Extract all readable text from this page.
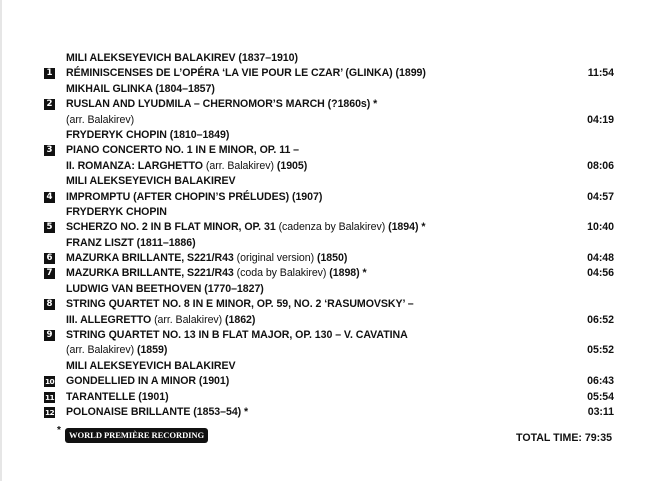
MILI ALEKSEYEVICH BALAKIREV (1837–1910)
1 RÉMINISCENSES DE L’OPÉRA ‘LA VIE POUR LE CZAR’ (GLINKA) (1899)	11:54
MIKHAIL GLINKA (1804–1857)
2 RUSLAN AND LYUDMILA – CHERNOMOR’S MARCH (?1860s) *
(arr. Balakirev)	04:19
FRYDERYK CHOPIN (1810–1849)
3 PIANO CONCERTO NO. 1 IN E MINOR, OP. 11 –
II. ROMANZA: LARGHETTO (arr. Balakirev) (1905)	08:06
MILI ALEKSEYEVICH BALAKIREV
4 IMPROMPTU (AFTER CHOPIN’S PRÉLUDES) (1907)	04:57
FRYDERYK CHOPIN
5 SCHERZO NO. 2 IN B FLAT MINOR, OP. 31 (cadenza by Balakirev) (1894) *	10:40
FRANZ LISZT (1811–1886)
6 MAZURKA BRILLANTE, S221/R43 (original version) (1850)	04:48
7 MAZURKA BRILLANTE, S221/R43 (coda by Balakirev) (1898) *	04:56
LUDWIG VAN BEETHOVEN (1770–1827)
8 STRING QUARTET NO. 8 IN E MINOR, OP. 59, NO. 2 ‘RASUMOVSKY’ –
III. ALLEGRETTO (arr. Balakirev) (1862)	06:52
9 STRING QUARTET NO. 13 IN B FLAT MAJOR, OP. 130 – V. CAVATINA
(arr. Balakirev) (1859)	05:52
MILI ALEKSEYEVICH BALAKIREV
10 GONDELLIED IN A MINOR (1901)	06:43
11 TARANTELLE (1901)	05:54
12 POLONAISE BRILLANTE (1853–54) *	03:11
* WORLD PREMIÈRE RECORDING	TOTAL TIME: 79:35
